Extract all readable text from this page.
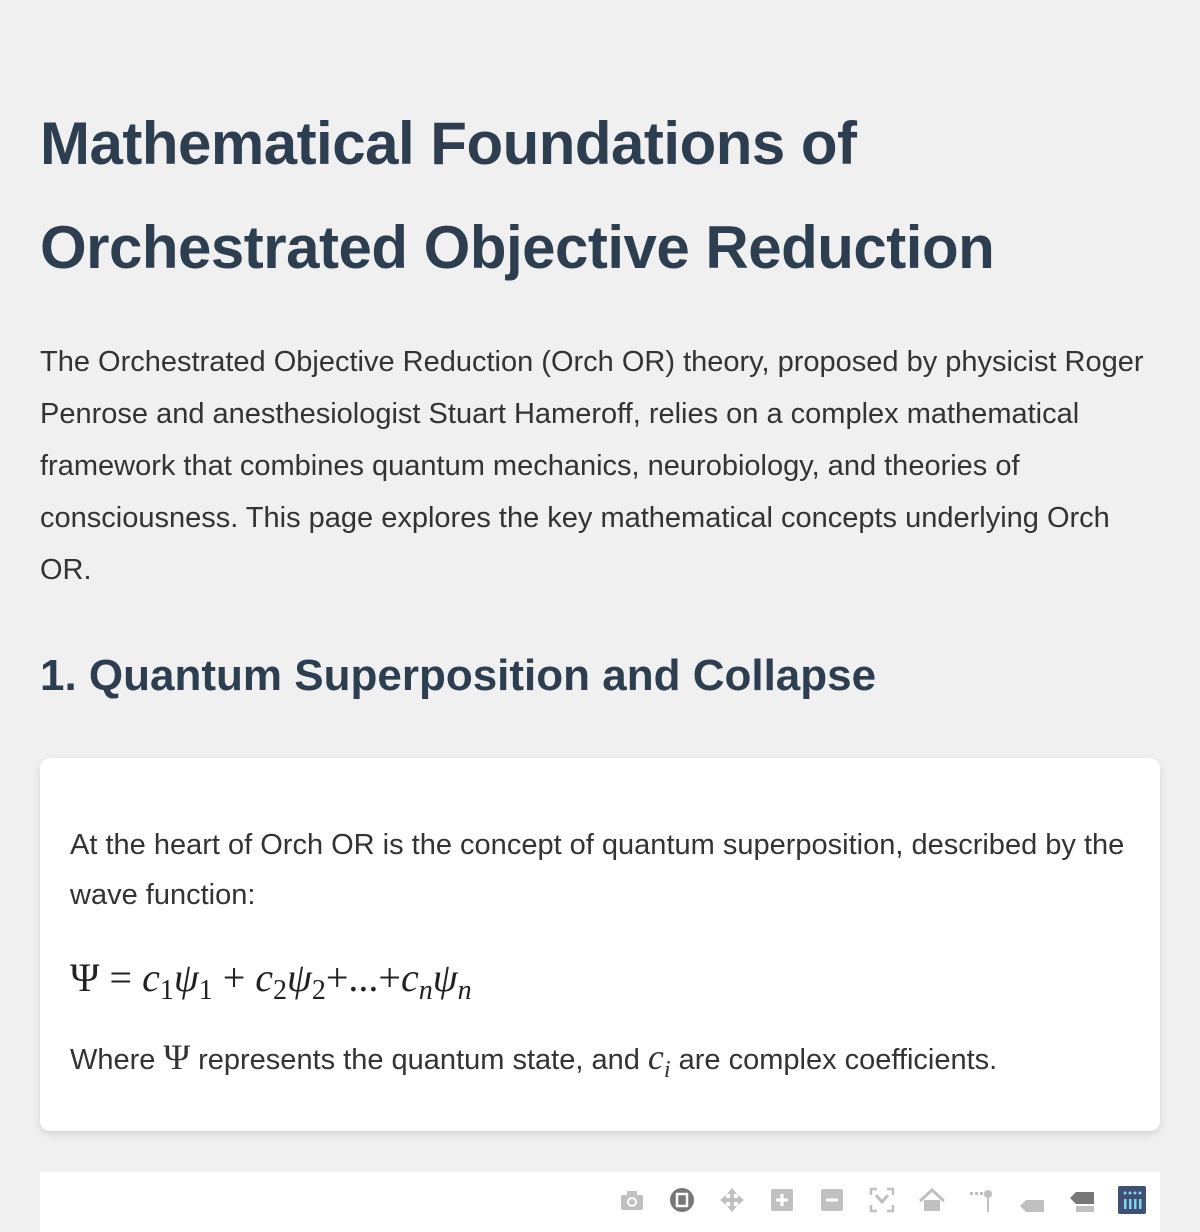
Mathematical Foundations of Orchestrated Objective Reduction

The Orchestrated Objective Reduction (Orch OR) theory, proposed by physicist Roger Penrose and anesthesiologist Stuart Hameroff, relies on a complex mathematical framework that combines quantum mechanics, neurobiology, and theories of consciousness. This page explores the key mathematical concepts underlying Orch OR.

1. Quantum Superposition and Collapse

At the heart of Orch OR is the concept of quantum superposition, described by the wave function:

$\Psi = c_1\psi_1 + c_2\psi_2+...+c_n\psi_n$

Where Ψ represents the quantum state, and $c_i$ are complex coefficients.
